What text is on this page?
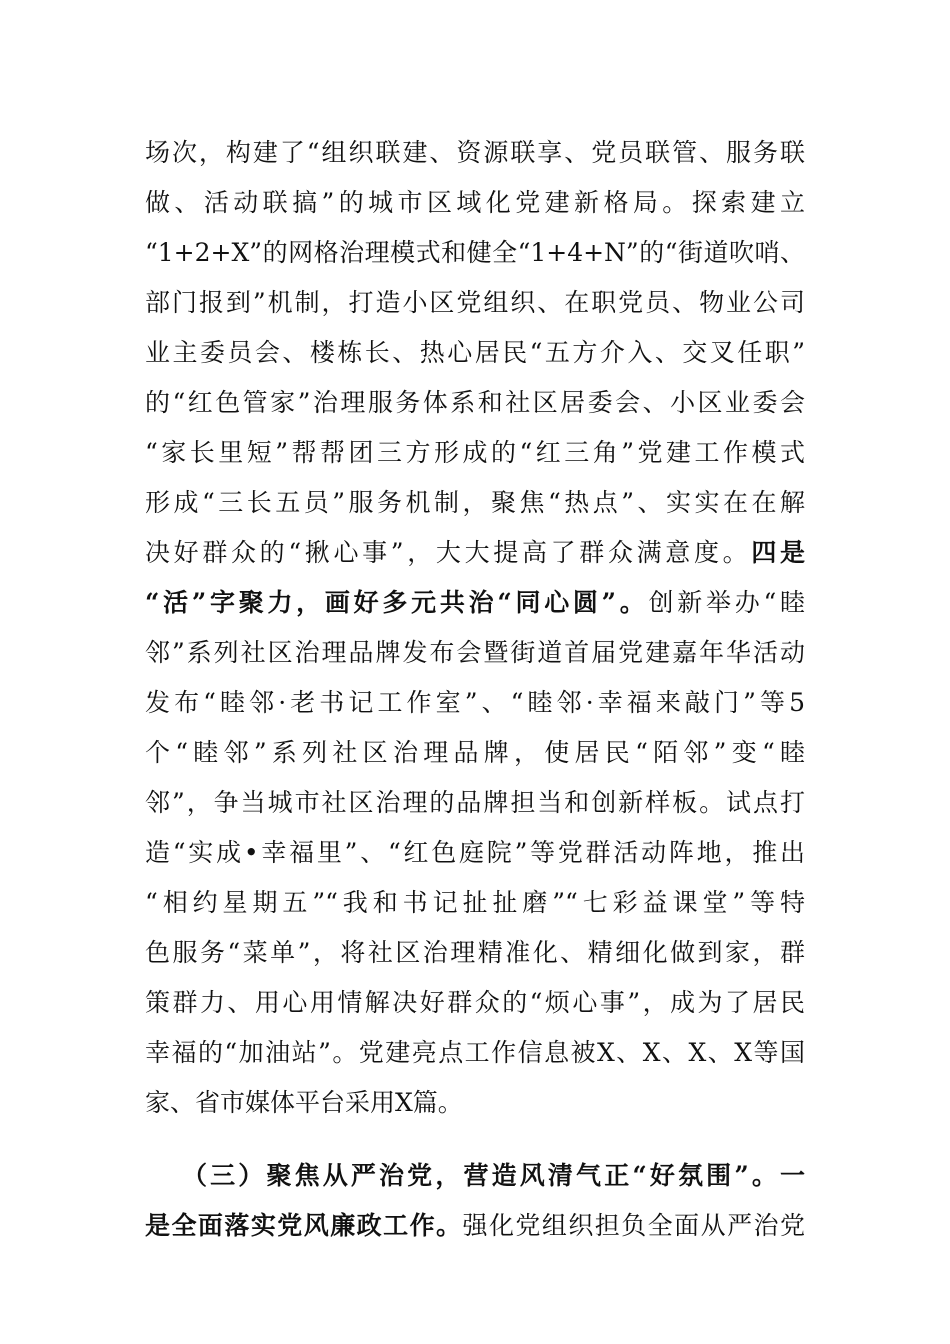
场次，构建了“组织联建、资源联享、党员联管、服务联
做、活动联搞”的城市区域化党建新格局。探索建立
“1+2+X”的网格治理模式和健全“1+4+N”的“街道吹哨、
部门报到”机制，打造小区党组织、在职党员、物业公司
业主委员会、楼栋长、热心居民“五方介入、交叉任职”
的“红色管家”治理服务体系和社区居委会、小区业委会
“家长里短”帮帮团三方形成的“红三角”党建工作模式
形成“三长五员”服务机制，聚焦“热点”、实实在在解
决好群众的“揪心事”，大大提高了群众满意度。四是
“活”字聚力，画好多元共治“同心圆”。创新举办“睦
邻”系列社区治理品牌发布会暨街道首届党建嘉年华活动
发布“睦邻·老书记工作室”、“睦邻·幸福来敲门”等5
个“睦邻”系列社区治理品牌，使居民“陌邻”变“睦
邻”，争当城市社区治理的品牌担当和创新样板。试点打
造“实成•幸福里”、“红色庭院”等党群活动阵地，推出
“相约星期五”“我和书记扯扯磨”“七彩益课堂”等特
色服务“菜单”，将社区治理精准化、精细化做到家，群
策群力、用心用情解决好群众的“烦心事”，成为了居民
幸福的“加油站”。党建亮点工作信息被X、X、X、X等国
家、省市媒体平台采用X篇。
（三）聚焦从严治党，营造风清气正“好氛围”。一
是全面落实党风廉政工作。强化党组织担负全面从严治党
